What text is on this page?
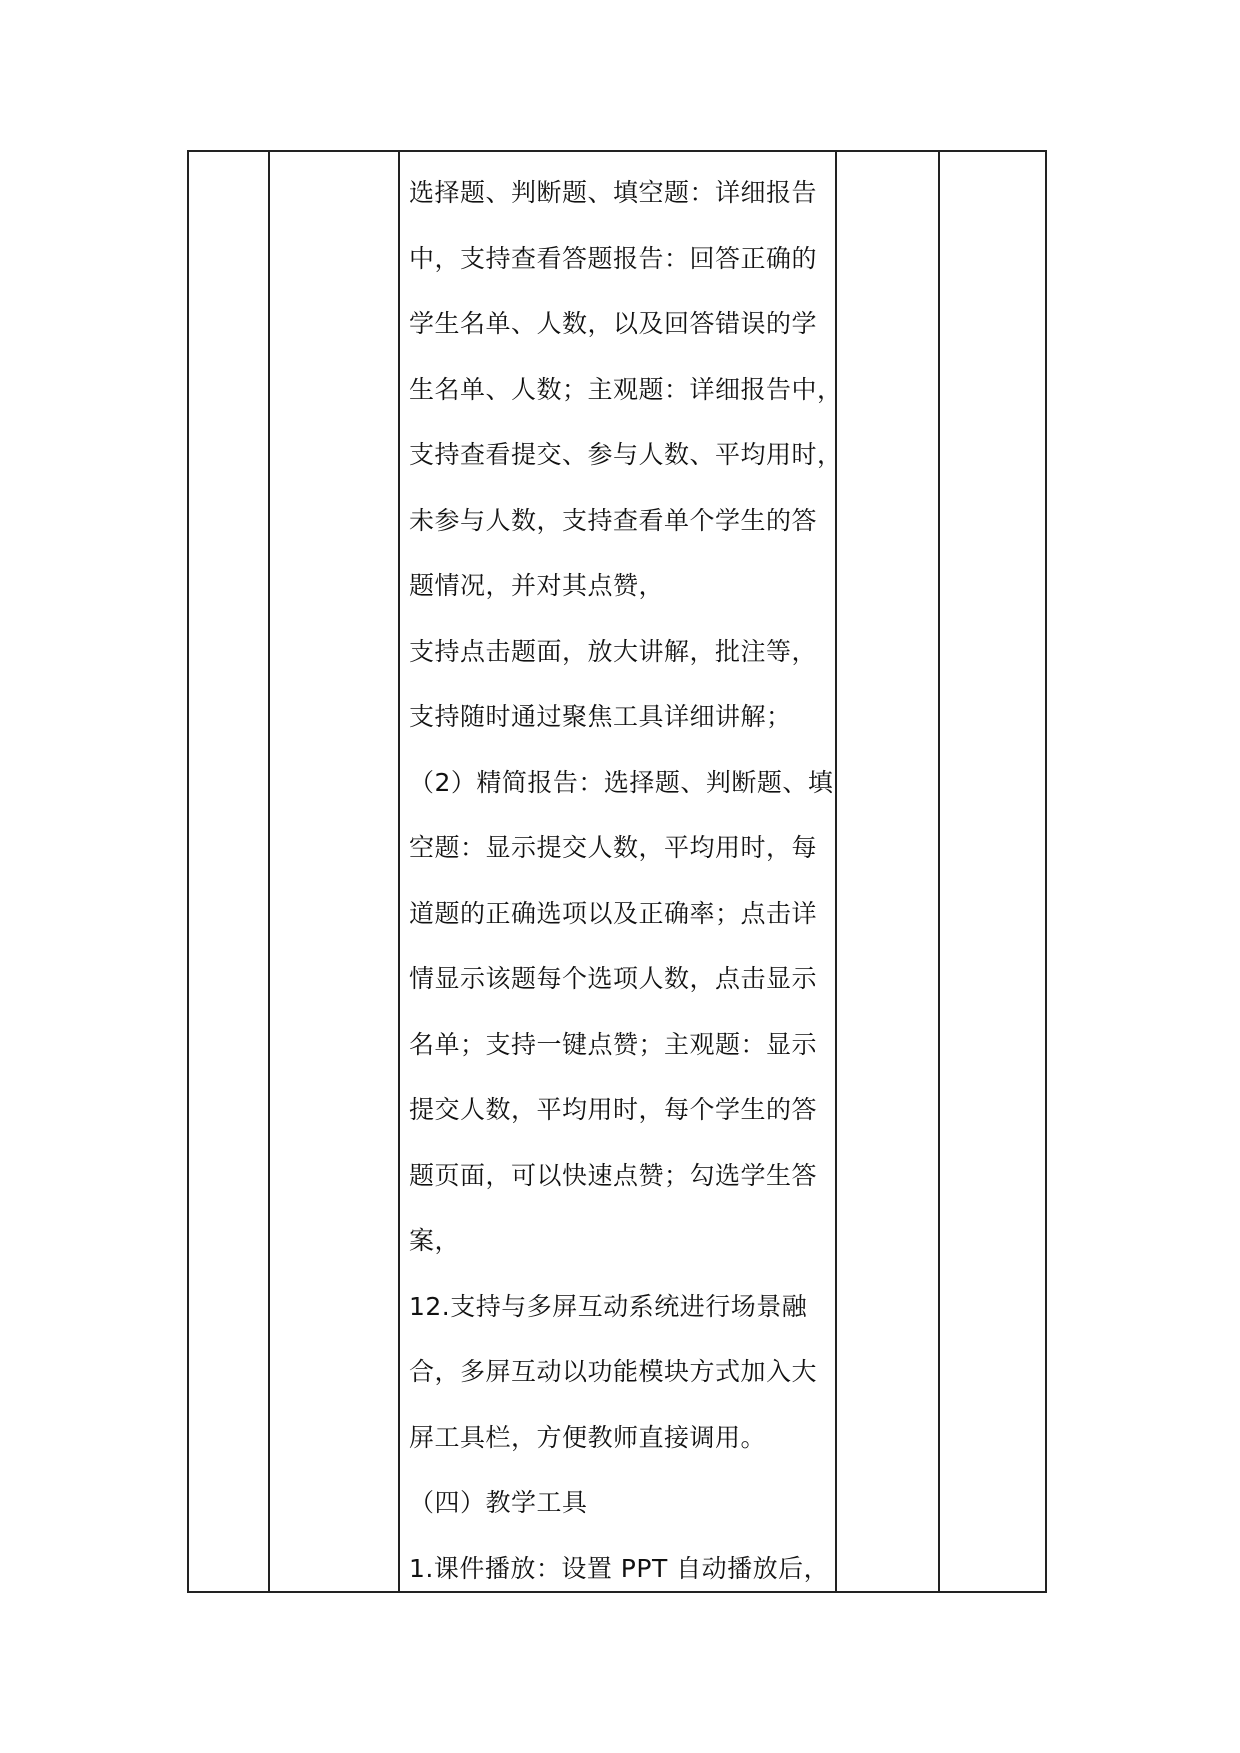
选择题、判断题、填空题：详细报告
中，支持查看答题报告：回答正确的
学生名单、人数，以及回答错误的学
生名单、人数；主观题：详细报告中，
支持查看提交、参与人数、平均用时，
未参与人数，支持查看单个学生的答
题情况，并对其点赞，
支持点击题面，放大讲解，批注等，
支持随时通过聚焦工具详细讲解；
（2）精简报告：选择题、判断题、填
空题：显示提交人数，平均用时，每
道题的正确选项以及正确率；点击详
情显示该题每个选项人数，点击显示
名单；支持一键点赞；主观题：显示
提交人数，平均用时，每个学生的答
题页面，可以快速点赞；勾选学生答
案，
12.支持与多屏互动系统进行场景融
合，多屏互动以功能模块方式加入大
屏工具栏，方便教师直接调用。
（四）教学工具
1.课件播放：设置 PPT 自动播放后，
